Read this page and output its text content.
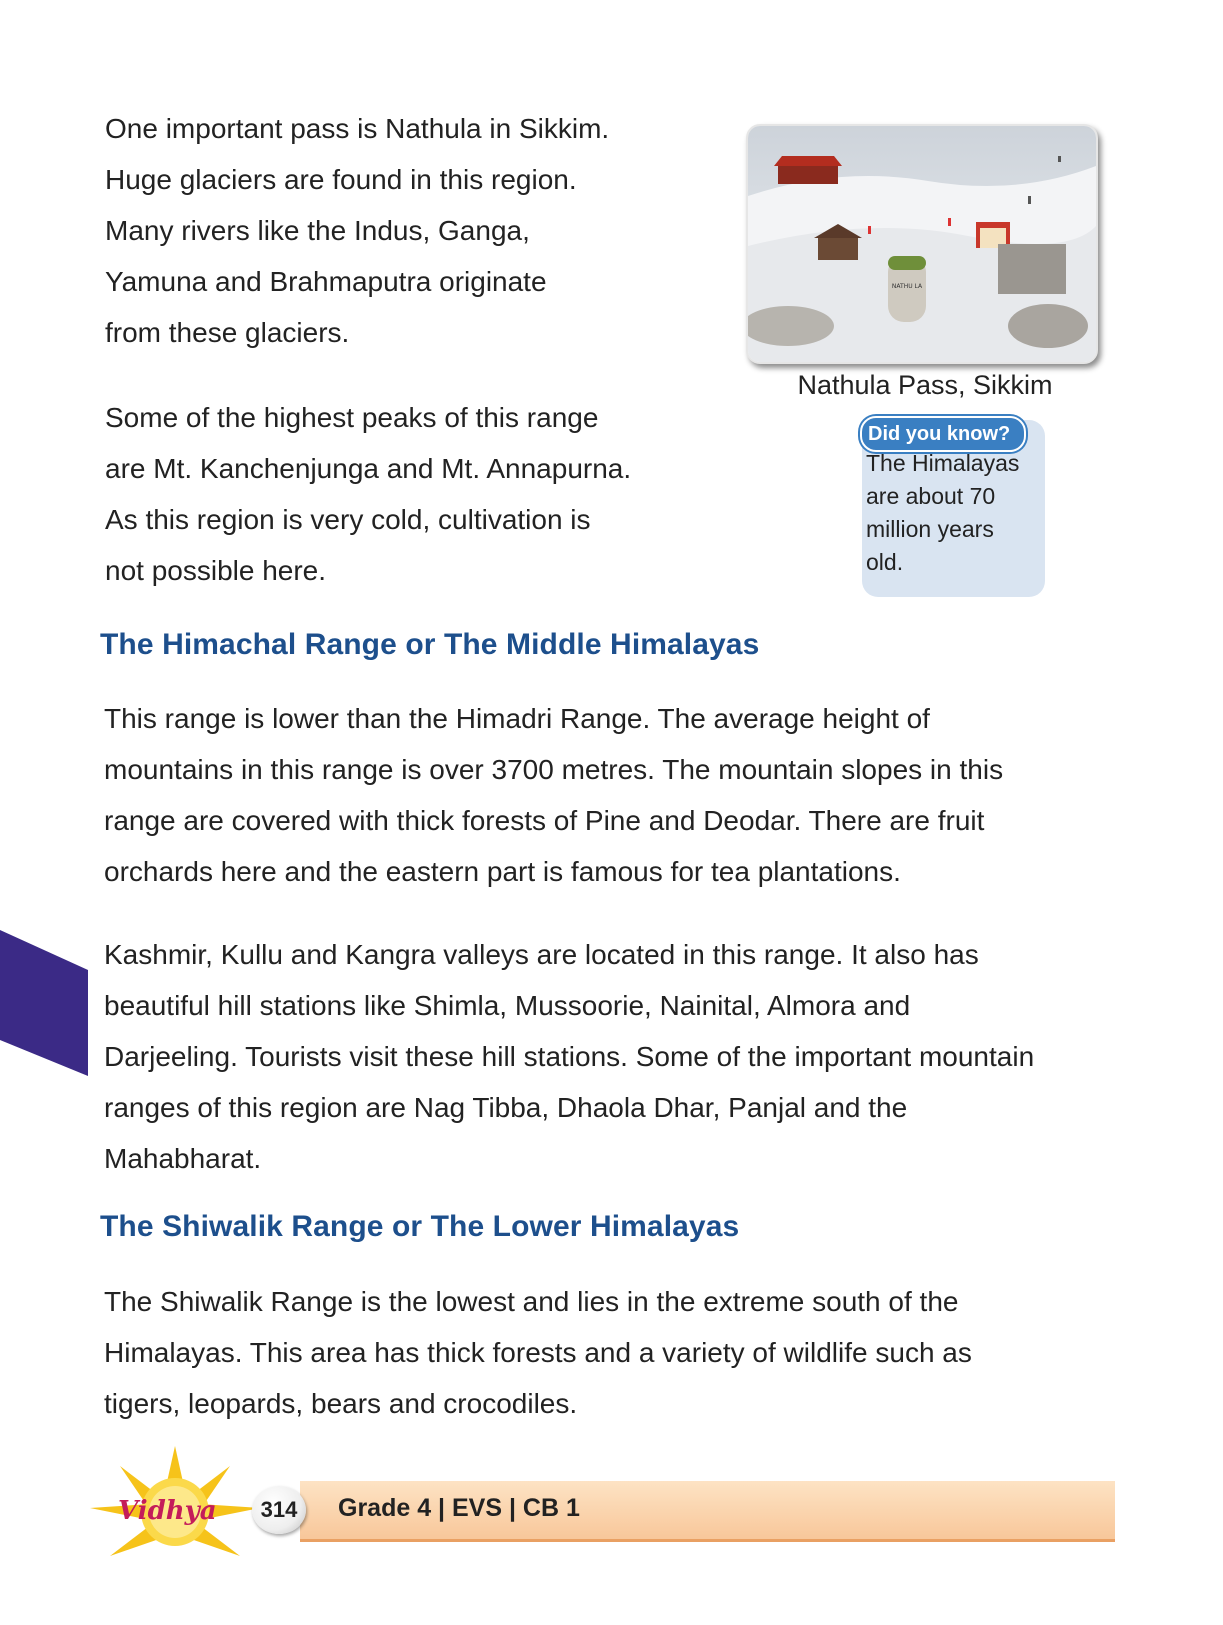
One important pass is Nathula in Sikkim.
Huge glaciers are found in this region.
Many rivers like the Indus, Ganga,
Yamuna and Brahmaputra originate
from these glaciers.
Some of the highest peaks of this range
are Mt. Kanchenjunga and Mt. Annapurna.
As this region is very cold, cultivation is
not possible here.
NATHU LA
Nathula Pass, Sikkim
Did you know?
The Himalayas
are about 70
million years
old.
The Himachal Range or The Middle Himalayas
This range is lower than the Himadri Range. The average height of
mountains in this range is over 3700 metres. The mountain slopes in this
range are covered with thick forests of Pine and Deodar. There are fruit
orchards here and the eastern part is famous for tea plantations.
Kashmir, Kullu and Kangra valleys are located in this range. It also has
beautiful hill stations like Shimla, Mussoorie, Nainital, Almora and
Darjeeling. Tourists visit these hill stations. Some of the important mountain
ranges of this region are Nag Tibba, Dhaola Dhar, Panjal and the
Mahabharat.
The Shiwalik Range or The Lower Himalayas
The Shiwalik Range is the lowest and lies in the extreme south of the
Himalayas. This area has thick forests and a variety of wildlife such as
tigers, leopards, bears and crocodiles.
Vidhya	314	Grade 4 | EVS | CB 1
